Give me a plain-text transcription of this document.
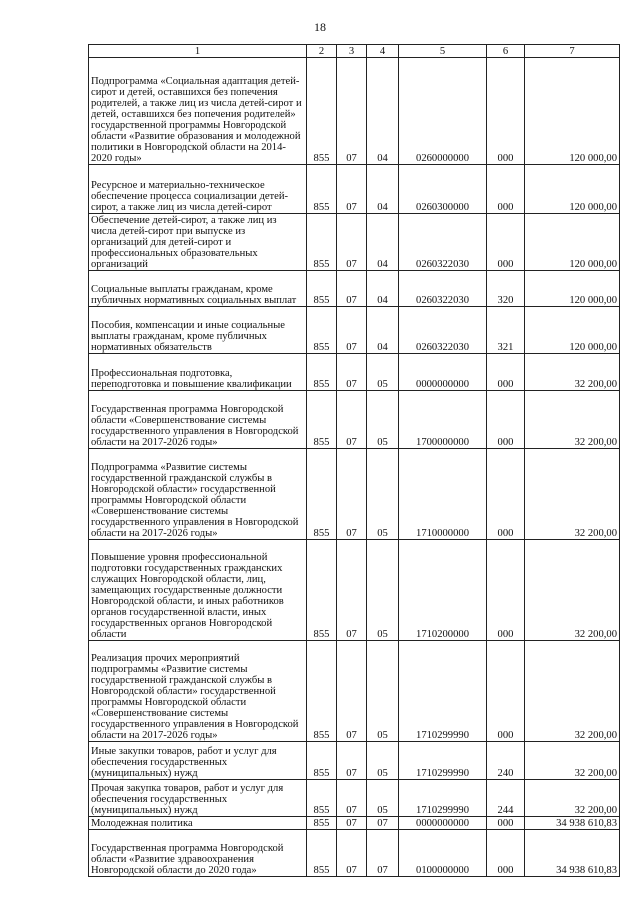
18
1	2	3	4	5	6	7
Подпрограмма «Социальная адаптация детей-сирот и детей, оставшихся без попечения родителей, а также лиц из числа детей-сирот и детей, оставшихся без попечения родителей» государственной программы Новгородской области «Развитие образования и молодежной политики в Новгородской области на 2014-2020 годы»	855	07	04	0260000000	000	120 000,00
Ресурсное и материально-техническое обеспечение процесса социализации детей-сирот, а также лиц из числа детей-сирот	855	07	04	0260300000	000	120 000,00
Обеспечение детей-сирот, а также лиц из числа детей-сирот при выпуске из организаций для детей-сирот и профессиональных образовательных организаций	855	07	04	0260322030	000	120 000,00
Социальные выплаты гражданам, кроме публичных нормативных социальных выплат	855	07	04	0260322030	320	120 000,00
Пособия, компенсации и иные социальные выплаты гражданам, кроме публичных нормативных обязательств	855	07	04	0260322030	321	120 000,00
Профессиональная подготовка, переподготовка и повышение квалификации	855	07	05	0000000000	000	32 200,00
Государственная программа Новгородской области «Совершенствование системы государственного управления в Новгородской области на 2017-2026 годы»	855	07	05	1700000000	000	32 200,00
Подпрограмма «Развитие системы государственной гражданской службы в Новгородской области» государственной программы Новгородской области «Совершенствование системы государственного управления в Новгородской области на 2017-2026 годы»	855	07	05	1710000000	000	32 200,00
Повышение уровня профессиональной подготовки государственных гражданских служащих Новгородской области, лиц, замещающих государственные должности Новгородской области, и иных работников органов государственной власти, иных государственных органов Новгородской области	855	07	05	1710200000	000	32 200,00
Реализация прочих мероприятий подпрограммы «Развитие системы государственной гражданской службы в Новгородской области» государственной программы Новгородской области «Совершенствование системы государственного управления в Новгородской области на 2017-2026 годы»	855	07	05	1710299990	000	32 200,00
Иные закупки товаров, работ и услуг для обеспечения государственных (муниципальных) нужд	855	07	05	1710299990	240	32 200,00
Прочая закупка товаров, работ и услуг для обеспечения государственных (муниципальных) нужд	855	07	05	1710299990	244	32 200,00
Молодежная политика	855	07	07	0000000000	000	34 938 610,83
Государственная программа Новгородской области «Развитие здравоохранения Новгородской области до 2020 года»	855	07	07	0100000000	000	34 938 610,83
